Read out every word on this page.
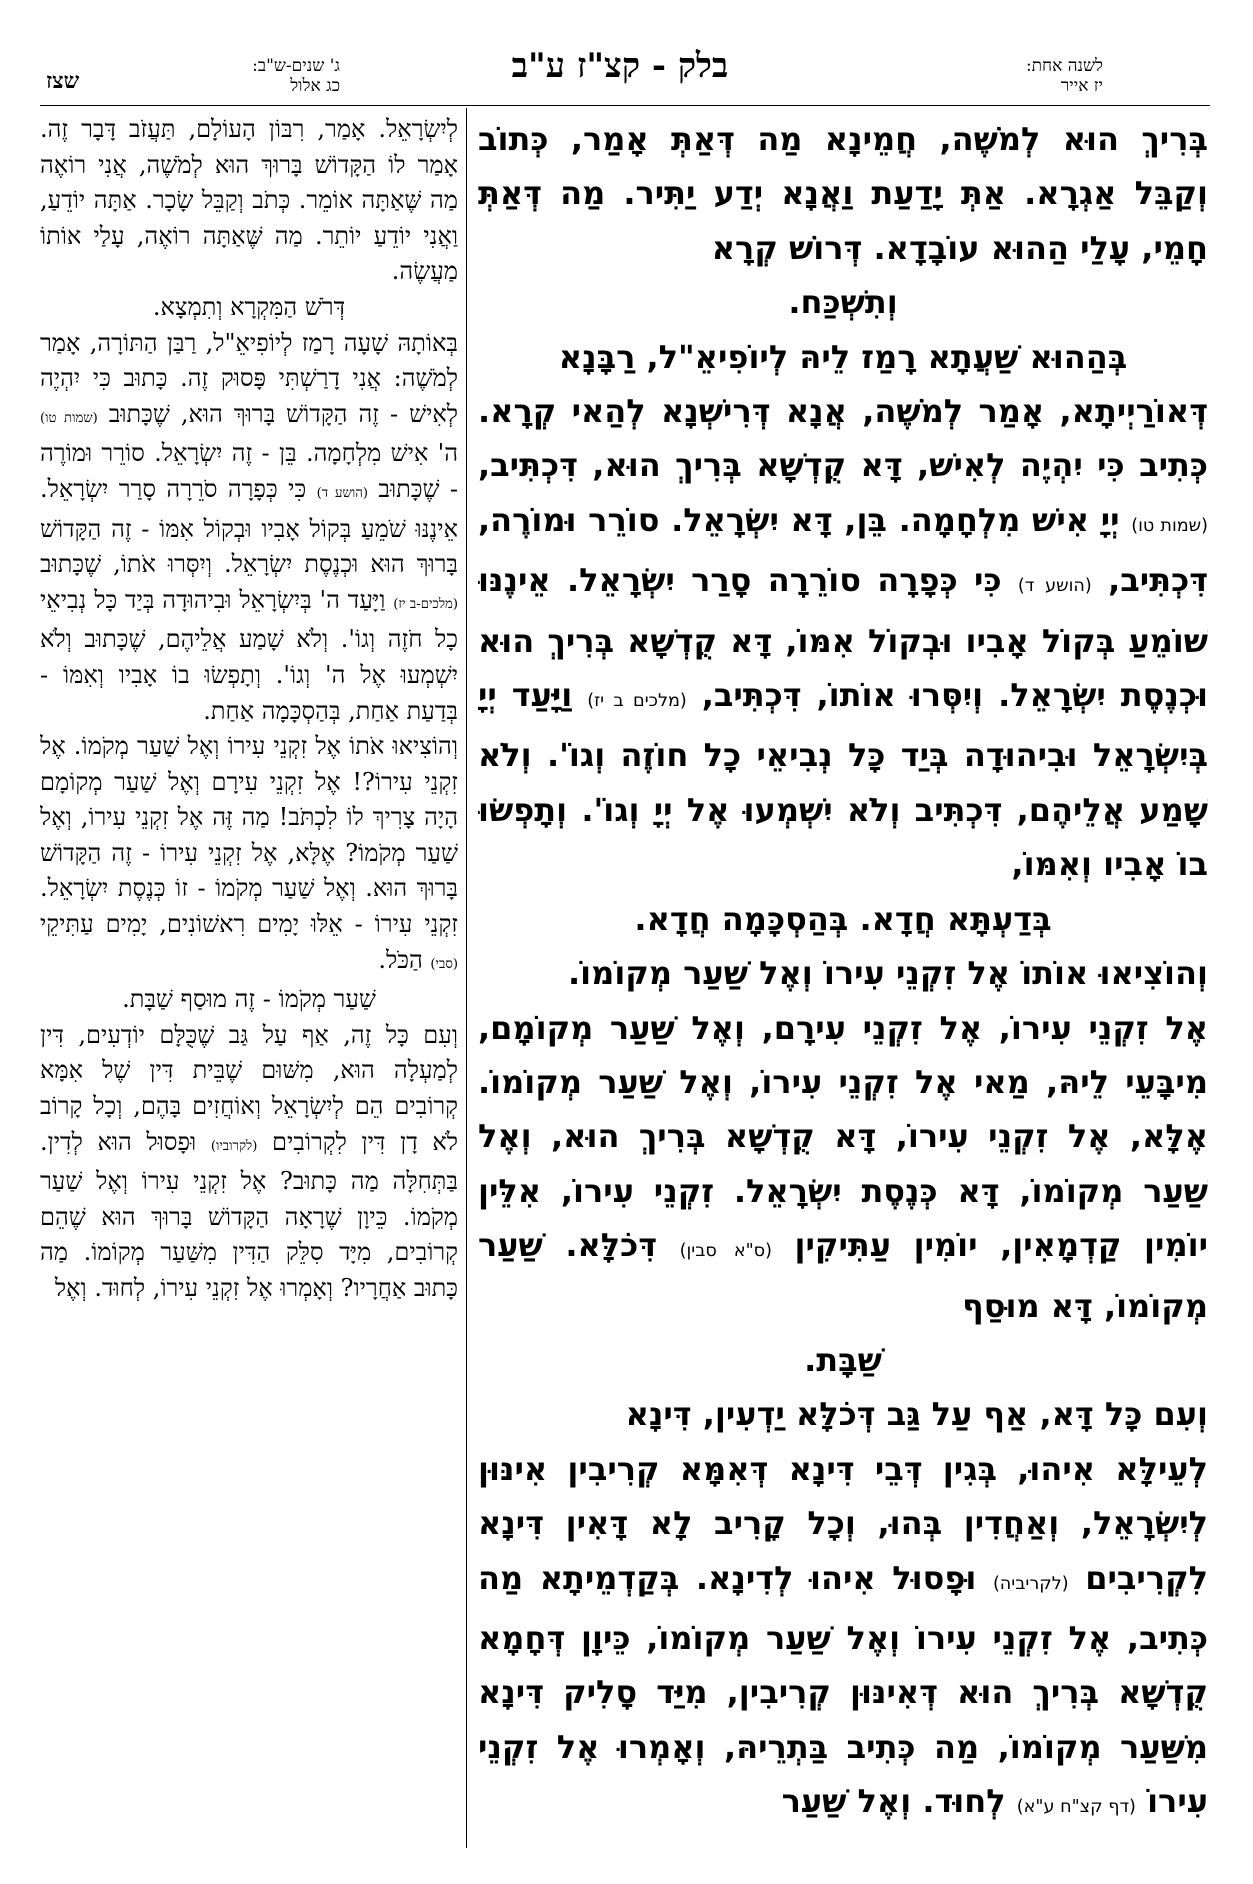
לשנה אחת:
יז אייר
בלק - קצ"ז ע"ב
ג' שנים-ש"ב:
כג אלול
שצז

בְּרִיךְ הוּא לְמֹשֶׁה, חֲמֵינָא מַה דְּאַתְּ אָמַר, כְּתוֹב וְקַבֵּל אַגְרָא. אַתְּ יָדַעַת וַאֲנָא יְדַע יַתִּיר. מַה דְּאַתְּ חָמֵי, עָלַי הַהוּא עוֹבָדָא. דְּרוֹשׁ קְרָא

וְתִשְׁכַּח.

בְּהַהוּא שַׁעֲתָא רָמַז לֵיהּ לְיוֹפִיאֵ"ל, רַבָּנָא

דְּאוֹרַיְיתָא, אָמַר לְמֹשֶׁה, אֲנָא דְּרִישְׁנָא לְהַאי קְרָא. כְּתִיב כִּי יִהְיֶה לְאִישׁ, דָּא קֻדְשָׁא בְּרִיךְ הוּא, דִּכְתִּיב, (שמות טו) יְיָ אִישׁ מִלְחָמָה. בֵּן, דָּא יִשְׂרָאֵל. סוֹרֵר וּמוֹרֶה, דִּכְתִּיב, (הושע ד) כִּי כְּפָרָה סוֹרֵרָה סָרַר יִשְׂרָאֵל. אֵינֶנּוּ שׁוֹמֵעַ בְּקוֹל אָבִיו וּבְקוֹל אִמּוֹ, דָּא קֻדְשָׁא בְּרִיךְ הוּא וּכְנֶסֶת יִשְׂרָאֵל. וְיִסְּרוּ אוֹתוֹ, דִּכְתִּיב, (מלכים ב יז) וַיָּעַד יְיָ בְּיִשְׂרָאֵל וּבִיהוּדָה בְּיַד כָּל נְבִיאֵי כָל חוֹזֶה וְגוֹ'. וְלֹא שָׁמַע אֲלֵיהֶם, דִּכְתִּיב וְלֹא יִשְׁמְעוּ אֶל יְיָ וְגוֹ'. וְתָפְשׂוּ בוֹ אָבִיו וְאִמּוֹ,

בְּדַעְתָּא חֲדָא. בְּהַסְכָּמָה חֲדָא.

וְהוֹצִיאוּ אוֹתוֹ אֶל זִקְנֵי עִירוֹ וְאֶל שַׁעַר מְקוֹמוֹ.

אֶל זִקְנֵי עִירוֹ, אֶל זִקְנֵי עִירָם, וְאֶל שַׁעַר מְקוֹמָם, מִיבָּעֵי לֵיהּ, מַאי אֶל זִקְנֵי עִירוֹ, וְאֶל שַׁעַר מְקוֹמוֹ. אֶלָּא, אֶל זִקְנֵי עִירוֹ, דָּא קֻדְשָׁא בְּרִיךְ הוּא, וְאֶל שַׁעַר מְקוֹמוֹ, דָּא כְּנֶסֶת יִשְׂרָאֵל. זִקְנֵי עִירוֹ, אִלֵּין יוֹמִין קַדְמָאִין, יוֹמִין עַתִּיקִין (ס"א סבין) דִּכֹלָּא. שַׁעַר מְקוֹמוֹ, דָּא מוּסַף

שַׁבָּת.

וְעִם כָּל דָּא, אַף עַל גַּב דְּכֹלָּא יַדְעִין, דִּינָא

לְעֵילָּא אִיהוּ, בְּגִין דְּבֵי דִּינָא דְּאִמָּא קְרִיבִין אִינּוּן לְיִשְׂרָאֵל, וְאַחֲדִין בְּהוּ, וְכָל קָרִיב לָא דָּאִין דִּינָא לִקְרִיבִים (לקריביה) וּפָסוּל אִיהוּ לְדִינָא. בְּקַדְמֵיתָא מַה כְּתִיב, אֶל זִקְנֵי עִירוֹ וְאֶל שַׁעַר מְקוֹמוֹ, כֵּיוָן דְּחָמָא קֻדְשָׁא בְּרִיךְ הוּא דְּאִינּוּן קְרִיבִין, מִיַּד סָלִיק דִּינָא מִשַּׁעַר מְקוֹמוֹ, מַה כְּתִיב בַּתְרֵיהּ, וְאָמְרוּ אֶל זִקְנֵי עִירוֹ (דף קצ"ח ע"א) לְחוּד. וְאֶל שַׁעַר

לְיִשְׂרָאֵל. אָמַר, רִבּוֹן הָעוֹלָם, תַּעֲזֹב דָּבָר זֶה. אָמַר לוֹ הַקָּדוֹשׁ בָּרוּךְ הוּא לְמֹשֶׁה, אֲנִי רוֹאֶה מַה שֶּׁאַתָּה אוֹמֵר. כְּתֹב וְקַבֵּל שָׂכָר. אַתָּה יוֹדֵעַ, וַאֲנִי יוֹדֵעַ יוֹתֵר. מַה שֶּׁאַתָּה רוֹאֶה, עָלַי אוֹתוֹ מַעֲשֶׂה.

דְּרֹשׁ הַמִּקְרָא וְתִמְצָא.

בְּאוֹתָהּ שָׁעָה רָמַז לְיוֹפִיאֵ"ל, רַבַּן הַתּוֹרָה, אָמַר לְמֹשֶׁה: אֲנִי דָרַשְׁתִּי פָּסוּק זֶה. כָּתוּב כִּי יִהְיֶה לְאִישׁ - זֶה הַקָּדוֹשׁ בָּרוּךְ הוּא, שֶׁכָּתוּב (שמות טו) ה' אִישׁ מִלְחָמָה. בֵּן - זֶה יִשְׂרָאֵל. סוֹרֵר וּמוֹרֶה - שֶׁכָּתוּב (הושע ד) כִּי כְּפָרָה סֹרֵרָה סָרַר יִשְׂרָאֵל. אֵינֶנּוּ שֹׁמֵעַ בְּקוֹל אָבִיו וּבְקוֹל אִמּוֹ - זֶה הַקָּדוֹשׁ בָּרוּךְ הוּא וּכְנֶסֶת יִשְׂרָאֵל. וְיִסְּרוּ אֹתוֹ, שֶׁכָּתוּב (מלכים-ב יז) וַיָּעַד ה' בְּיִשְׂרָאֵל וּבִיהוּדָה בְּיַד כָּל נְבִיאֵי כָל חֹזֶה וְגוֹ'. וְלֹא שָׁמַע אֲלֵיהֶם, שֶׁכָּתוּב וְלֹא יִשְׁמְעוּ אֶל ה' וְגוֹ'. וְתָפְשׂוּ בוֹ אָבִיו וְאִמּוֹ - בְּדַעַת אַחַת, בְּהַסְכָּמָה אַחַת.

וְהוֹצִיאוּ אֹתוֹ אֶל זִקְנֵי עִירוֹ וְאֶל שַׁעַר מְקֹמוֹ. אֶל זִקְנֵי עִירוֹ?! אֶל זִקְנֵי עִירָם וְאֶל שַׁעַר מְקוֹמָם הָיָה צָרִיךְ לוֹ לִכְתֹּב! מַה זֶּה אֶל זִקְנֵי עִירוֹ, וְאֶל שַׁעַר מְקֹמוֹ? אֶלָּא, אֶל זִקְנֵי עִירוֹ - זֶה הַקָּדוֹשׁ בָּרוּךְ הוּא. וְאֶל שַׁעַר מְקֹמוֹ - זוֹ כְּנֶסֶת יִשְׂרָאֵל. זִקְנֵי עִירוֹ - אֵלּוּ יָמִים רִאשׁוֹנִים, יָמִים עַתִּיקֵי (סבי) הַכֹּל.

שַׁעַר מְקֹמוֹ - זֶה מוּסַף שַׁבָּת.

וְעִם כָּל זֶה, אַף עַל גַּב שֶׁכֻּלָּם יוֹדְעִים, דִּין לְמַעְלָה הוּא, מִשּׁוּם שֶׁבֵּית דִּין שֶׁל אִמָּא קְרוֹבִים הֵם לְיִשְׂרָאֵל וְאוֹחֲזִים בָּהֶם, וְכָל קָרוֹב לֹא דָן דִּין לִקְרוֹבִים (לקרוביו) וּפָסוּל הוּא לְדִין. בַּתְּחִלָּה מַה כָּתוּב? אֶל זִקְנֵי עִירוֹ וְאֶל שַׁעַר מְקֹמוֹ. כֵּיוָן שֶׁרָאָה הַקָּדוֹשׁ בָּרוּךְ הוּא שֶׁהֵם קְרוֹבִים, מִיָּד סִלֵּק הַדִּין מִשַּׁעַר מְקוֹמוֹ. מַה כָּתוּב אַחֲרָיו? וְאָמְרוּ אֶל זִקְנֵי עִירוֹ, לְחוּד. וְאֶל
